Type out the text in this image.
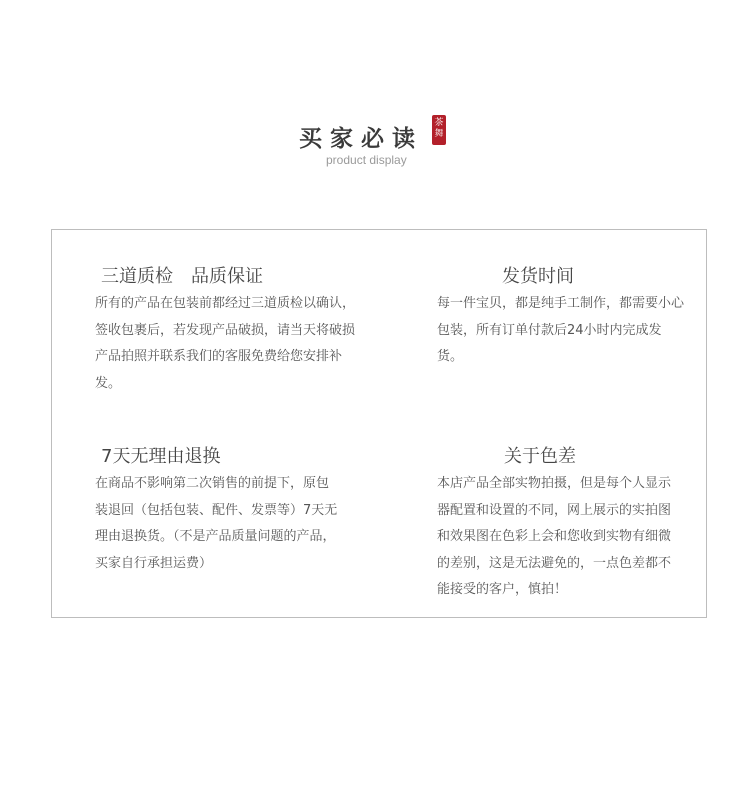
买家必读
茶
舞
product display
三道质检　品质保证

所有的产品在包装前都经过三道质检以确认，签收包裹后，若发现产品破损，请当天将破损产品拍照并联系我们的客服免费给您安排补发。

发货时间

每一件宝贝，都是纯手工制作，都需要小心包装，所有订单付款后24小时内完成发货。

7天无理由退换

在商品不影响第二次销售的前提下，原包装退回（包括包装、配件、发票等）7天无理由退换货。（不是产品质量问题的产品，买家自行承担运费）

关于色差

本店产品全部实物拍摄，但是每个人显示器配置和设置的不同，网上展示的实拍图和效果图在色彩上会和您收到实物有细微的差别，这是无法避免的，一点色差都不能接受的客户，慎拍！
